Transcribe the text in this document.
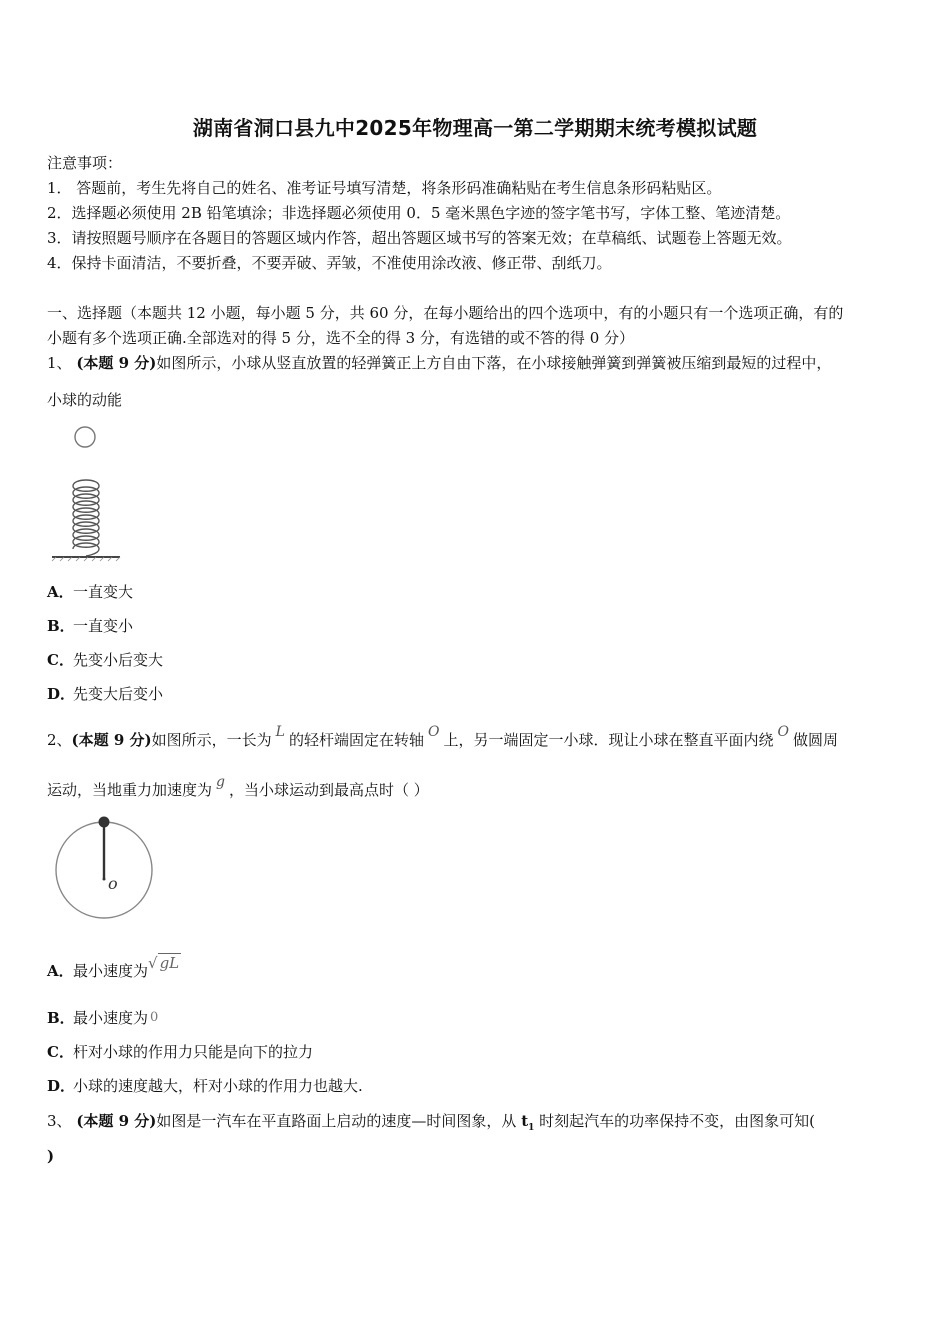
湖南省洞口县九中2025年物理高一第二学期期末统考模拟试题
注意事项：
1． 答题前，考生先将自己的姓名、准考证号填写清楚，将条形码准确粘贴在考生信息条形码粘贴区。
2．选择题必须使用 2B 铅笔填涂；非选择题必须使用 0．5 毫米黑色字迹的签字笔书写，字体工整、笔迹清楚。
3．请按照题号顺序在各题目的答题区域内作答，超出答题区域书写的答案无效；在草稿纸、试题卷上答题无效。
4．保持卡面清洁，不要折叠，不要弄破、弄皱，不准使用涂改液、修正带、刮纸刀。
一、选择题（本题共 12 小题，每小题 5 分，共 60 分，在每小题给出的四个选项中，有的小题只有一个选项正确，有的
小题有多个选项正确.全部选对的得 5 分，选不全的得 3 分，有选错的或不答的得 0 分）
1、 (本题 9 分)如图所示，小球从竖直放置的轻弹簧正上方自由下落，在小球接触弹簧到弹簧被压缩到最短的过程中，
小球的动能
A．一直变大
B．一直变小
C．先变小后变大
D．先变大后变小
2、(本题 9 分)如图所示，一长为 L 的轻杆端固定在转轴 O 上，另一端固定一小球．现让小球在整直平面内绕 O 做圆周
运动，当地重力加速度为 g ，当小球运动到最高点时（ ）
o
A．最小速度为√ gL
B．最小速度为 0
C．杆对小球的作用力只能是向下的拉力
D．小球的速度越大，杆对小球的作用力也越大.
3、 (本题 9 分)如图是一汽车在平直路面上启动的速度—时间图象，从 $t_1$ 时刻起汽车的功率保持不变，由图象可知(
)
